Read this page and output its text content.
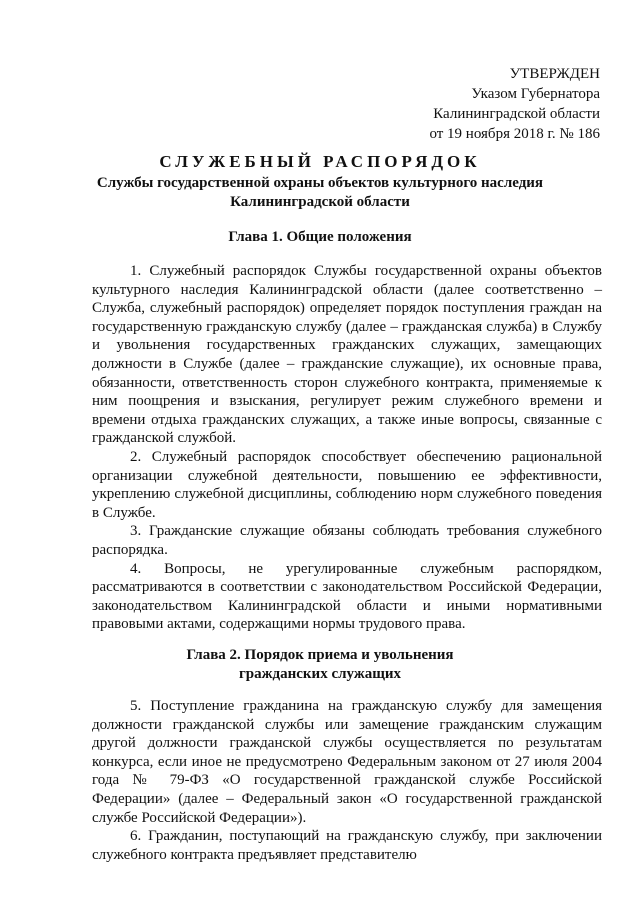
УТВЕРЖДЕН
Указом Губернатора
Калининградской области
от 19 ноября 2018 г. № 186
СЛУЖЕБНЫЙ РАСПОРЯДОК
Службы государственной охраны объектов культурного наследия
Калининградской области
Глава 1. Общие положения

1. Служебный распорядок Службы государственной охраны объектов культурного наследия Калининградской области (далее соответственно – Служба, служебный распорядок) определяет порядок поступления граждан на государственную гражданскую службу (далее – гражданская служба) в Службу и увольнения государственных гражданских служащих, замещающих должности в Службе (далее – гражданские служащие), их основные права, обязанности, ответственность сторон служебного контракта, применяемые к ним поощрения и взыскания, регулирует режим служебного времени и времени отдыха гражданских служащих, а также иные вопросы, связанные с гражданской службой.

2. Служебный распорядок способствует обеспечению рациональной организации служебной деятельности, повышению ее эффективности, укреплению служебной дисциплины, соблюдению норм служебного поведения в Службе.

3. Гражданские служащие обязаны соблюдать требования служебного распорядка.

4. Вопросы, не урегулированные служебным распорядком, рассматриваются в соответствии с законодательством Российской Федерации, законодательством Калининградской области и иными нормативными правовыми актами, содержащими нормы трудового права.

Глава 2. Порядок приема и увольнения
гражданских служащих

5. Поступление гражданина на гражданскую службу для замещения должности гражданской службы или замещение гражданским служащим другой должности гражданской службы осуществляется по результатам конкурса, если иное не предусмотрено Федеральным законом от 27 июля 2004 года № 79-ФЗ «О государственной гражданской службе Российской Федерации» (далее – Федеральный закон «О государственной гражданской службе Российской Федерации»).

6. Гражданин, поступающий на гражданскую службу, при заключении служебного контракта предъявляет представителю
